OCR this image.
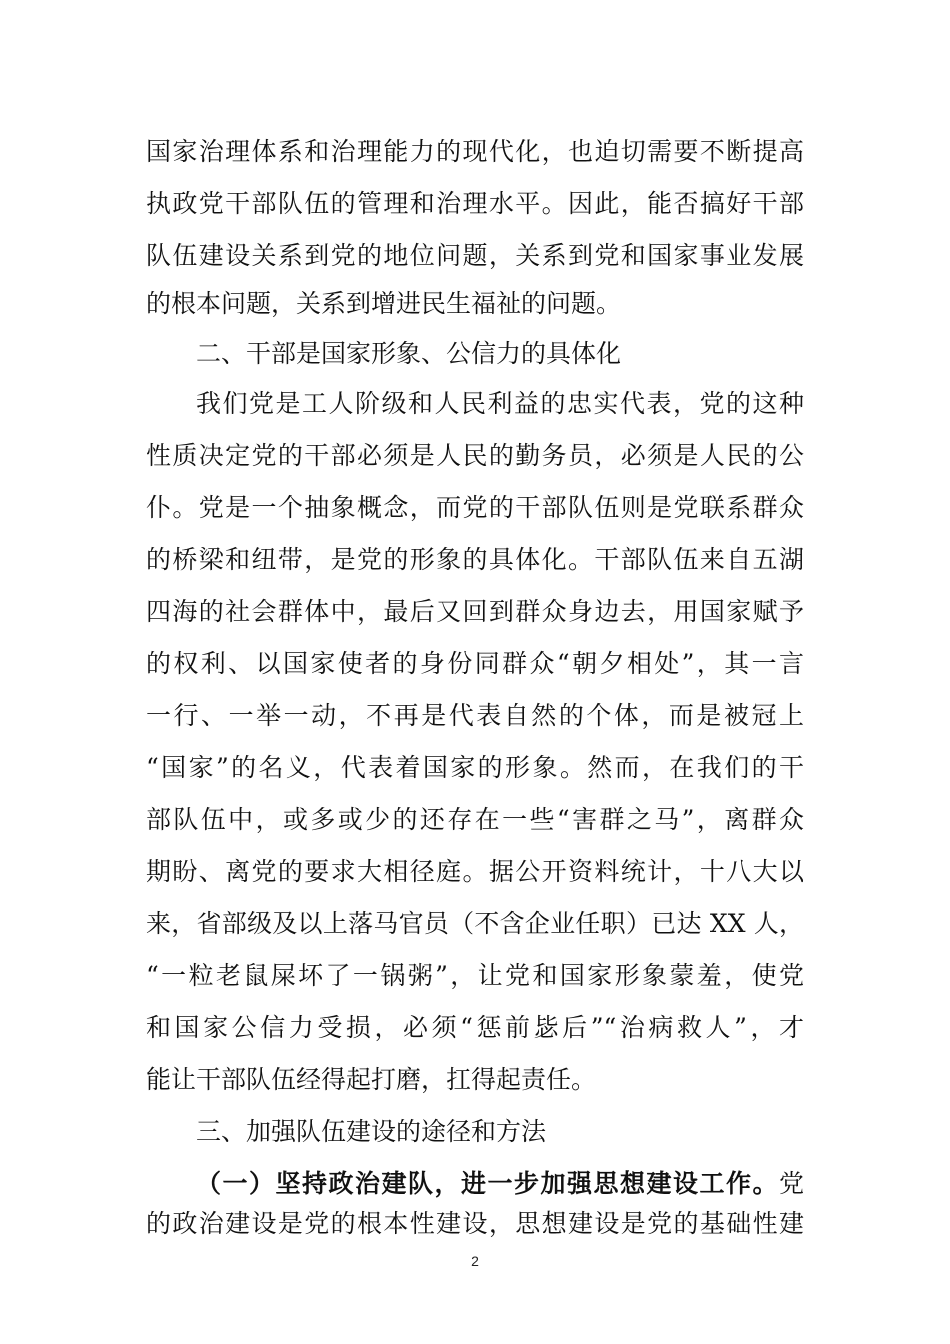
国家治理体系和治理能力的现代化，也迫切需要不断提高
执政党干部队伍的管理和治理水平。因此，能否搞好干部
队伍建设关系到党的地位问题，关系到党和国家事业发展
的根本问题，关系到增进民生福祉的问题。
二、干部是国家形象、公信力的具体化
我们党是工人阶级和人民利益的忠实代表，党的这种
性质决定党的干部必须是人民的勤务员，必须是人民的公
仆。党是一个抽象概念，而党的干部队伍则是党联系群众
的桥梁和纽带，是党的形象的具体化。干部队伍来自五湖
四海的社会群体中，最后又回到群众身边去，用国家赋予
的权利、以国家使者的身份同群众“朝夕相处”，其一言
一行、一举一动，不再是代表自然的个体，而是被冠上
“国家”的名义，代表着国家的形象。然而，在我们的干
部队伍中，或多或少的还存在一些“害群之马”，离群众
期盼、离党的要求大相径庭。据公开资料统计，十八大以
来，省部级及以上落马官员（不含企业任职）已达 XX 人，
“一粒老鼠屎坏了一锅粥”，让党和国家形象蒙羞，使党
和国家公信力受损，必须“惩前毖后”“治病救人”，才
能让干部队伍经得起打磨，扛得起责任。
三、加强队伍建设的途径和方法
（一）坚持政治建队，进一步加强思想建设工作。党
的政治建设是党的根本性建设，思想建设是党的基础性建
2
